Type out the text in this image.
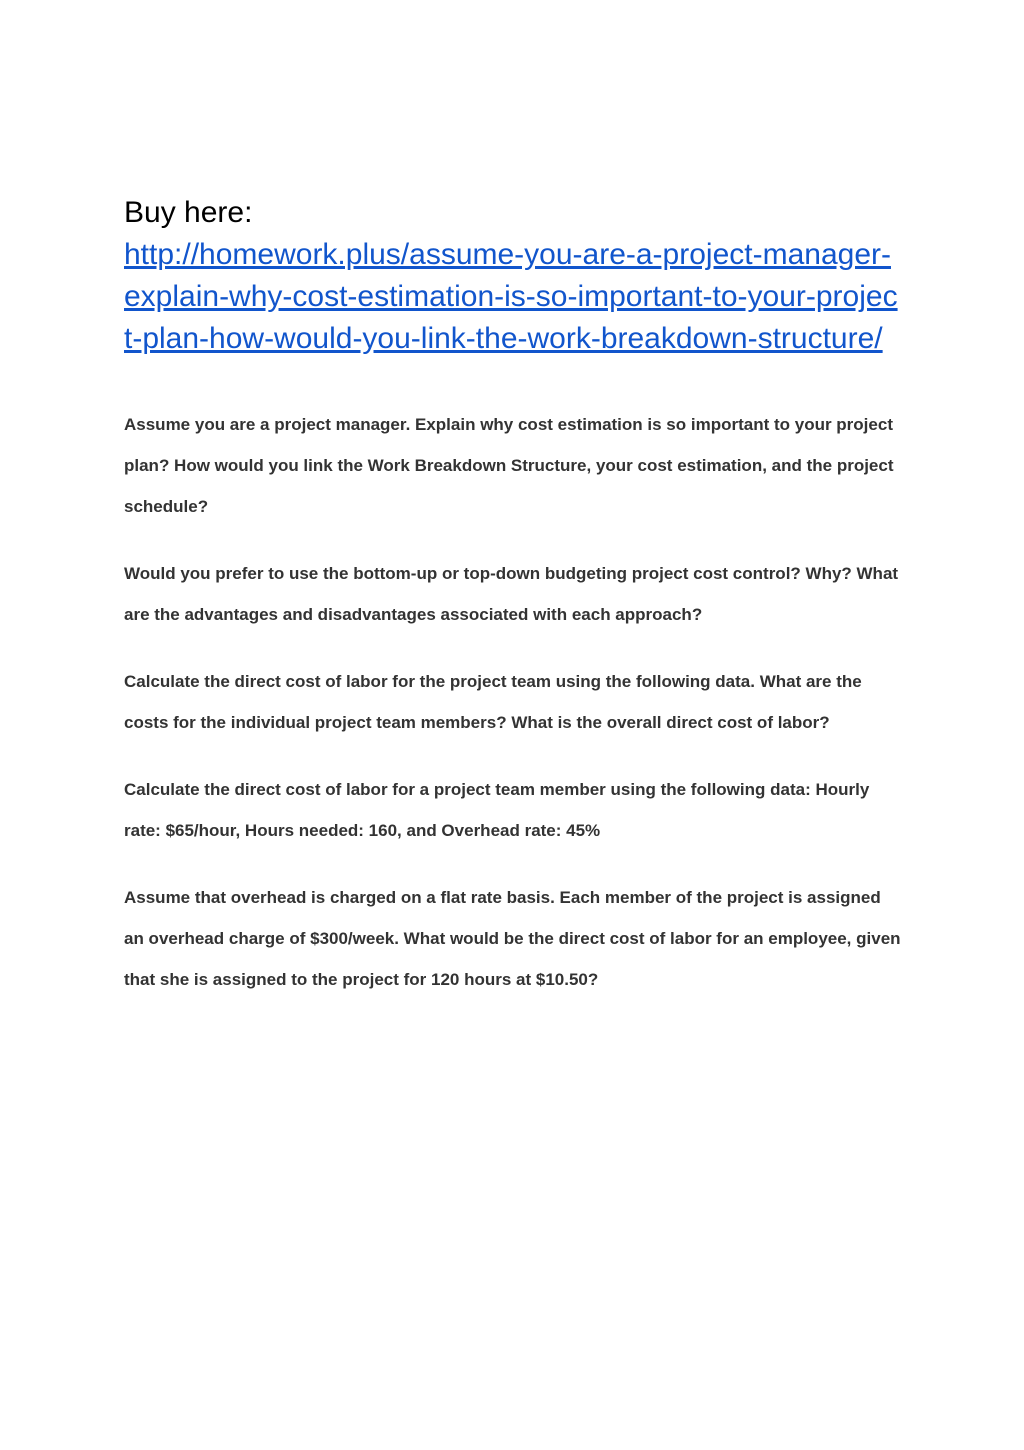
Buy here:

http://homework.plus/assume-you-are-a-project-manager-explain-why-cost-estimation-is-so-important-to-your-project-plan-how-would-you-link-the-work-breakdown-structure/

Assume you are a project manager. Explain why cost estimation is so important to your project plan? How would you link the Work Breakdown Structure, your cost estimation, and the project schedule?

Would you prefer to use the bottom-up or top-down budgeting project cost control? Why? What are the advantages and disadvantages associated with each approach?

Calculate the direct cost of labor for the project team using the following data. What are the costs for the individual project team members? What is the overall direct cost of labor?

Calculate the direct cost of labor for a project team member using the following data: Hourly rate: $65/hour, Hours needed: 160, and Overhead rate: 45%

Assume that overhead is charged on a flat rate basis. Each member of the project is assigned an overhead charge of $300/week. What would be the direct cost of labor for an employee, given that she is assigned to the project for 120 hours at $10.50?
